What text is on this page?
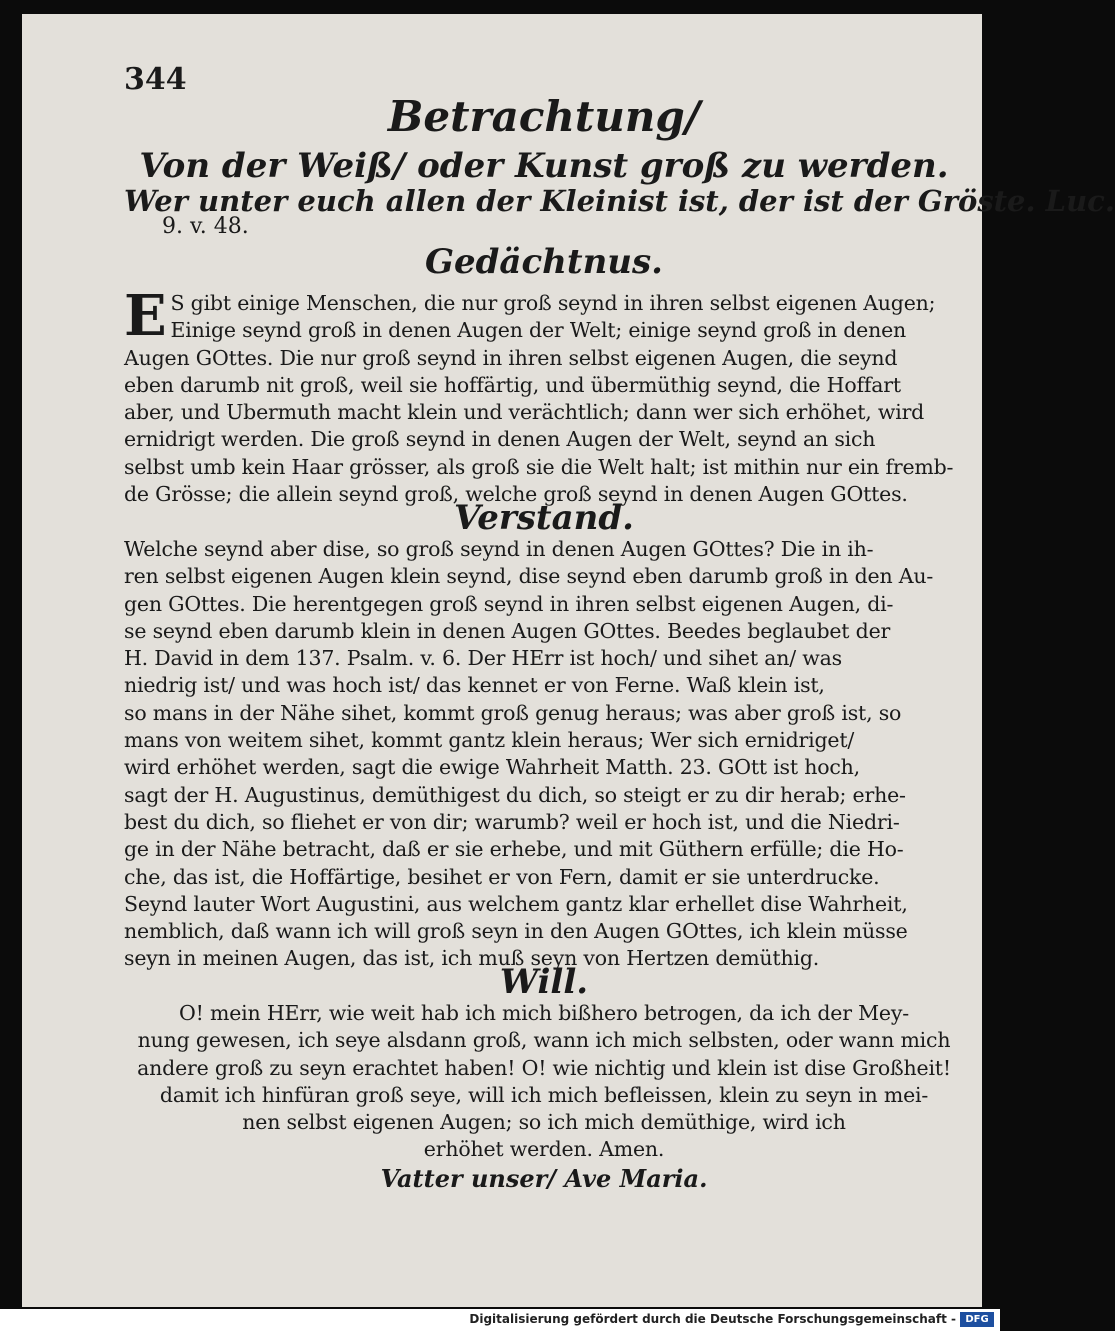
344
Betrachtung/
Von der Weiß/ oder Kunst groß zu werden.
Wer unter euch allen der Kleinist ist, der ist der Gröste. Luc.
9. v. 48.
Gedächtnus.
E S gibt einige Menschen, die nur groß seynd in ihren selbst eigenen Augen;
Einige seynd groß in denen Augen der Welt; einige seynd groß in denen
Augen GOttes. Die nur groß seynd in ihren selbst eigenen Augen, die seynd
eben darumb nit groß, weil sie hoffärtig, und übermüthig seynd, die Hoffart
aber, und Ubermuth macht klein und verächtlich; dann wer sich erhöhet, wird
ernidrigt werden. Die groß seynd in denen Augen der Welt, seynd an sich
selbst umb kein Haar grösser, als groß sie die Welt halt; ist mithin nur ein fremb-
de Grösse; die allein seynd groß, welche groß seynd in denen Augen GOttes.
Verstand.
Welche seynd aber dise, so groß seynd in denen Augen GOttes? Die in ih-
ren selbst eigenen Augen klein seynd, dise seynd eben darumb groß in den Au-
gen GOttes. Die herentgegen groß seynd in ihren selbst eigenen Augen, di-
se seynd eben darumb klein in denen Augen GOttes. Beedes beglaubet der
H. David in dem 137. Psalm. v. 6. Der HErr ist hoch/ und sihet an/ was
niedrig ist/ und was hoch ist/ das kennet er von Ferne. Waß klein ist,
so mans in der Nähe sihet, kommt groß genug heraus; was aber groß ist, so
mans von weitem sihet, kommt gantz klein heraus; Wer sich ernidriget/
wird erhöhet werden, sagt die ewige Wahrheit Matth. 23. GOtt ist hoch,
sagt der H. Augustinus, demüthigest du dich, so steigt er zu dir herab; erhe-
best du dich, so fliehet er von dir; warumb? weil er hoch ist, und die Niedri-
ge in der Nähe betracht, daß er sie erhebe, und mit Güthern erfülle; die Ho-
che, das ist, die Hoffärtige, besihet er von Fern, damit er sie unterdrucke.
Seynd lauter Wort Augustini, aus welchem gantz klar erhellet dise Wahrheit,
nemblich, daß wann ich will groß seyn in den Augen GOttes, ich klein müsse
seyn in meinen Augen, das ist, ich muß seyn von Hertzen demüthig.
Will.
O! mein HErr, wie weit hab ich mich bißhero betrogen, da ich der Mey-
nung gewesen, ich seye alsdann groß, wann ich mich selbsten, oder wann mich
andere groß zu seyn erachtet haben! O! wie nichtig und klein ist dise Großheit!
damit ich hinfüran groß seye, will ich mich befleissen, klein zu seyn in mei-
nen selbst eigenen Augen; so ich mich demüthige, wird ich
erhöhet werden. Amen.
Vatter unser/ Ave Maria.
Digitalisierung gefördert durch die Deutsche Forschungsgemeinschaft - DFG
